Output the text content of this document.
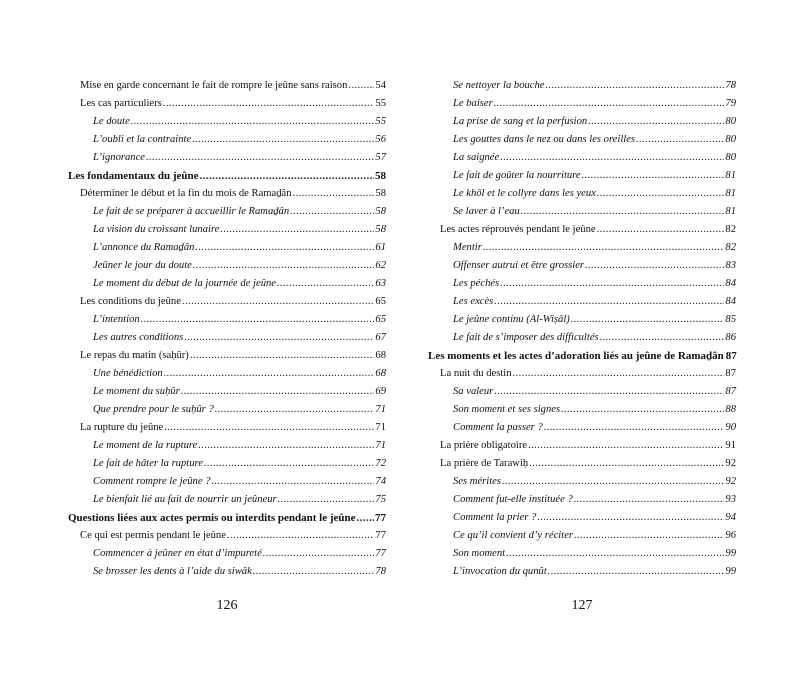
Mise en garde concernant le fait de rompre le jeûne sans raison .....	54
Les cas particuliers .....	55
Le doute .....	55
L’oubli et la contrainte .....	56
L’ignorance .....	57
Les fondamentaux du jeûne .....	58
Déterminer le début et la fin du mois de Ramaḏân .....	58
Le fait de se préparer à accueillir le Ramaḏân .....	58
La vision du croissant lunaire .....	58
L’annonce du Ramaḏân .....	61
Jeûner le jour du doute .....	62
Le moment du début de la journée de jeûne .....	63
Les conditions du jeûne .....	65
L’intention .....	65
Les autres conditions .....	67
Le repas du matin (saḥûr) .....	68
Une bénédiction .....	68
Le moment du suḥûr .....	69
Que prendre pour le suḥûr ? .....	71
La rupture du jeûne .....	71
Le moment de la rupture .....	71
Le fait de hâter la rupture .....	72
Comment rompre le jeûne ? .....	74
Le bienfait lié au fait de nourrir un jeûneur .....	75
Questions liées aux actes permis ou interdits pendant le jeûne ..... 77
Ce qui est permis pendant le jeûne .....	77
Commencer à jeûner en état d’impureté .....	77
Se brosser les dents à l’aide du siwâk .....	78
Se nettoyer la bouche .....	78
Le baiser .....	79
La prise de sang et la perfusion .....	80
Les gouttes dans le nez ou dans les oreilles .....	80
La saignée .....	80
Le fait de goûter la nourriture .....	81
Le khôl et le collyre dans les yeux .....	81
Se laver à l’eau .....	81
Les actes réprouvés pendant le jeûne .....	82
Mentir .....	82
Offenser autrui et être grossier .....	83
Les péchés .....	84
Les excès .....	84
Le jeûne continu (Al-Wiṣâl) .....	85
Le fait de s’imposer des difficultés .....	86
Les moments et les actes d’adoration liés au jeûne de Ramaḏân 87
La nuit du destin .....	87
Sa valeur .....	87
Son moment et ses signes .....	88
Comment la passer ? .....	90
La prière obligatoire .....	91
La prière de Tarawiḥ .....	92
Ses mérites .....	92
Comment fut-elle instituée ? .....	93
Comment la prier ? .....	94
Ce qu’il convient d’y réciter .....	96
Son moment .....	99
L’invocation du qunût .....	99
126	127
